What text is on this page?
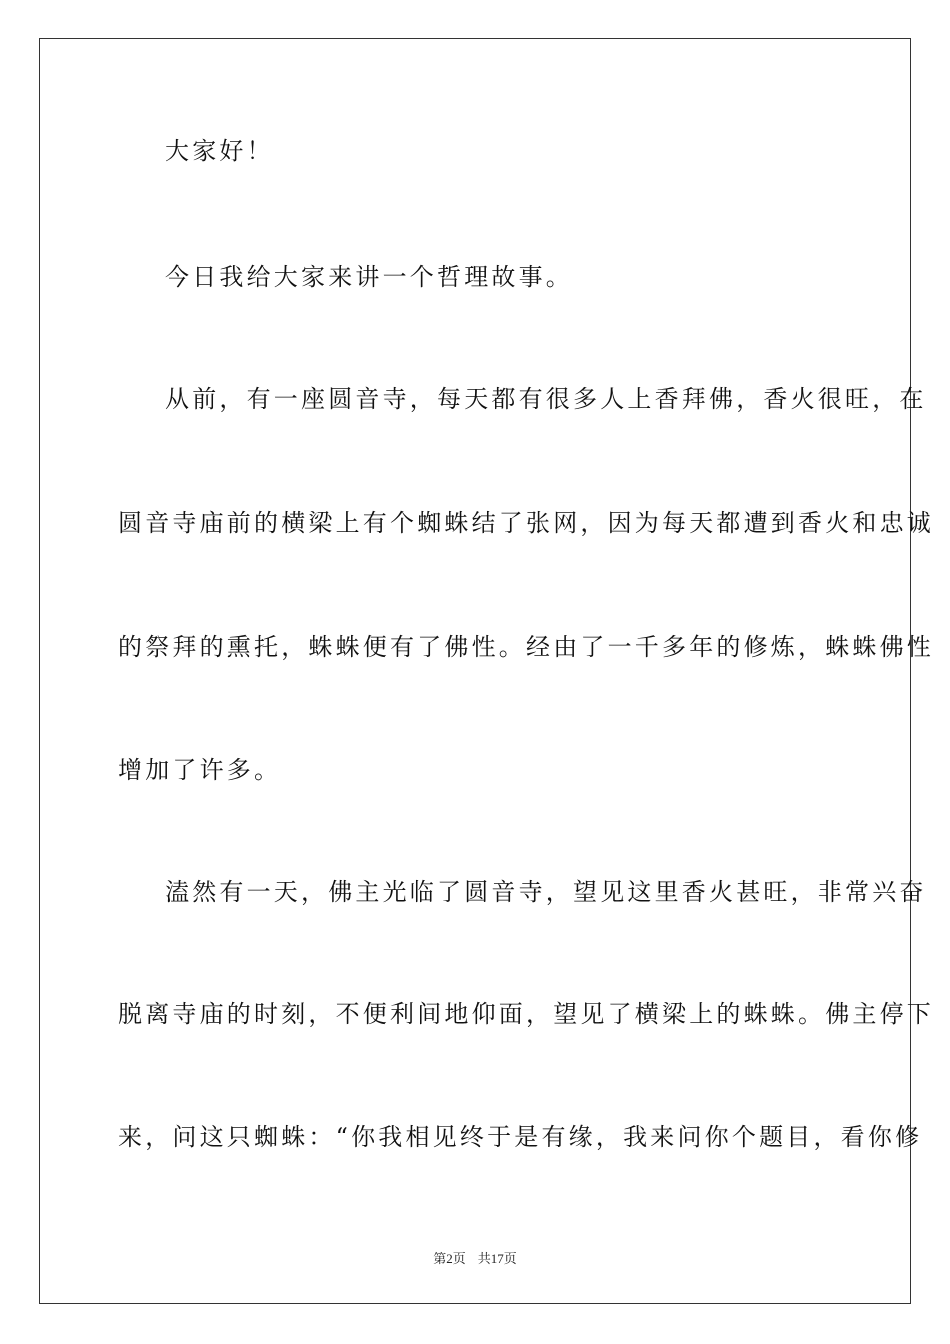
大家好！
今日我给大家来讲一个哲理故事。
从前，有一座圆音寺，每天都有很多人上香拜佛，香火很旺，在
圆音寺庙前的横梁上有个蜘蛛结了张网，因为每天都遭到香火和忠诚
的祭拜的熏托，蛛蛛便有了佛性。经由了一千多年的修炼，蛛蛛佛性
增加了许多。
溘然有一天，佛主光临了圆音寺，望见这里香火甚旺，非常兴奋
脱离寺庙的时刻，不便利间地仰面，望见了横梁上的蛛蛛。佛主停下
来，问这只蜘蛛：“你我相见终于是有缘，我来问你个题目，看你修
第2页 共17页
